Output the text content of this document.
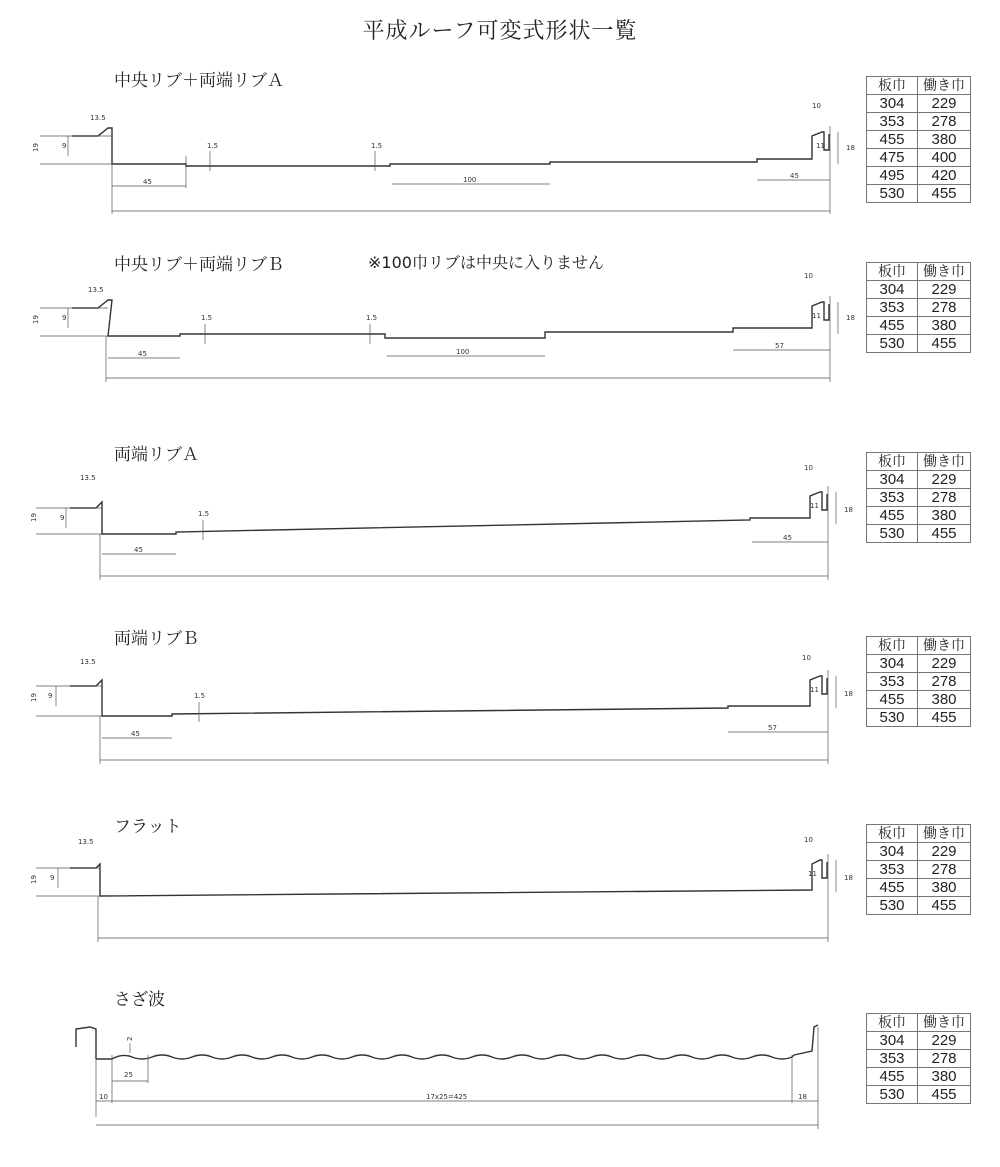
平成ルーフ可変式形状一覧
中央リブ＋両端リブＡ
19	9
13.5
1.5	1.5
45	100	45
10
11	18
板巾	働き巾
304	229
353	278
455	380
475	400
495	420
530	455
中央リブ＋両端リブＢ	※100巾リブは中央に入りません
19	9
13.5
1.5	1.5
45	100
57
10
11	18
板巾	働き巾
304	229
353	278
455	380
530	455
両端リブＡ
19	9
13.5
1.5
45
45
10
11	18
板巾	働き巾
304	229
353	278
455	380
530	455
両端リブＢ
19 9
13.5
1.5
45
57
10
11	18
板巾	働き巾
304	229
353	278
455	380
530	455
フラット
19 9
13.5	10
11	18
板巾	働き巾
304	229
353	278
455	380
530	455
さざ波
2
25
10	17x25=425	18
板巾	働き巾
304	229
353	278
455	380
530	455
